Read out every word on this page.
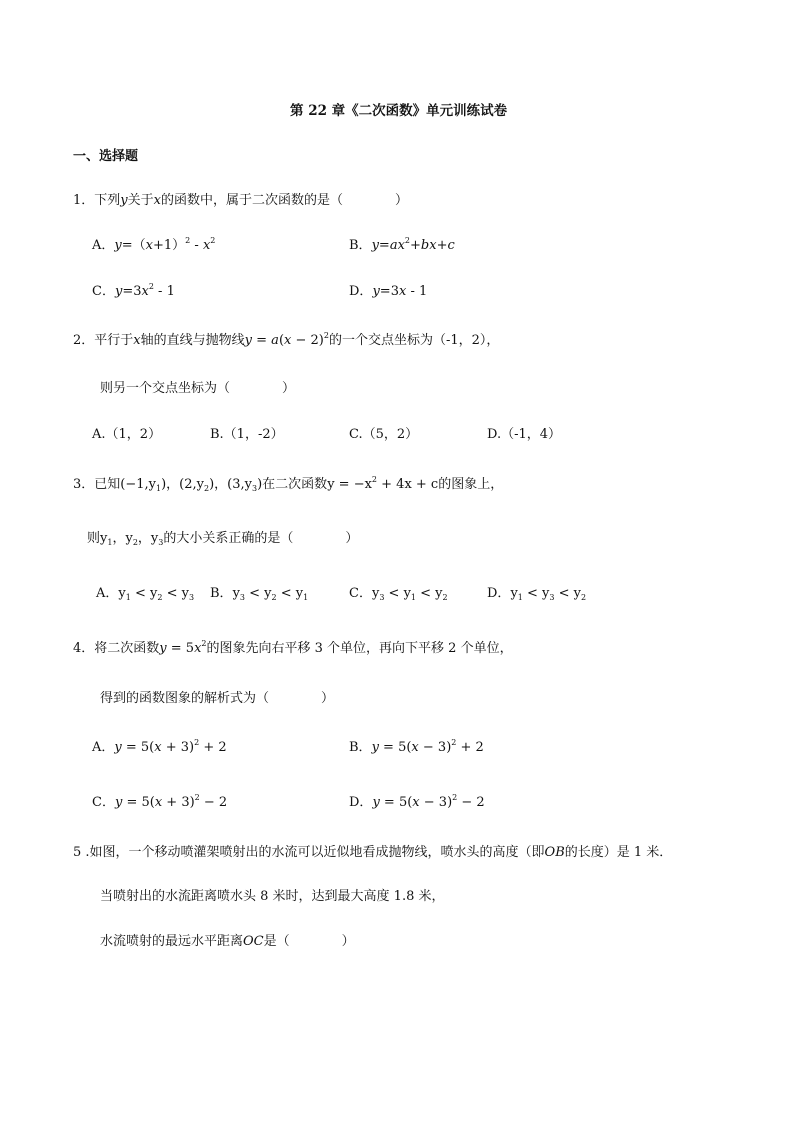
第 22 章《二次函数》单元训练试卷
一、选择题
1．下列y关于x的函数中，属于二次函数的是（　　　　）
A．$y=(x+1)^2 - x^2$	B．$y=ax^2+bx+c$
C．$y=3x^2 - 1$	D．y=3x - 1
2．平行于x轴的直线与抛物线$y = a(x - 2)^2$的一个交点坐标为（-1，2），
则另一个交点坐标为（　　　　）
A.（1，2）	B.（1，-2）	C.（5，2）	D.（-1，4）
3．已知$(-1,y_1)$，$(2,y_2)$，$(3,y_3)$在二次函数$y = -x^2 + 4x + c$的图象上，
则$y_1$，$y_2$，$y_3$的大小关系正确的是（　　　　）
A．$y_1 < y_2 < y_3$ B．$y_3 < y_2 < y_1$	C．$y_3 < y_1 < y_2$	D．$y_1 < y_3 < y_2$
4．将二次函数$y = 5x^2$的图象先向右平移 3 个单位，再向下平移 2 个单位，
得到的函数图象的解析式为（　　　　）
A．$y = 5(x + 3)^2 + 2$	B．$y = 5(x - 3)^2 + 2$
C．$y = 5(x + 3)^2 - 2$	D．$y = 5(x - 3)^2 - 2$
5 .如图，一个移动喷灌架喷射出的水流可以近似地看成抛物线，喷水头的高度（即OB的长度）是 1 米．
当喷射出的水流距离喷水头 8 米时，达到最大高度 1.8 米，
水流喷射的最远水平距离OC是（　　　　）
